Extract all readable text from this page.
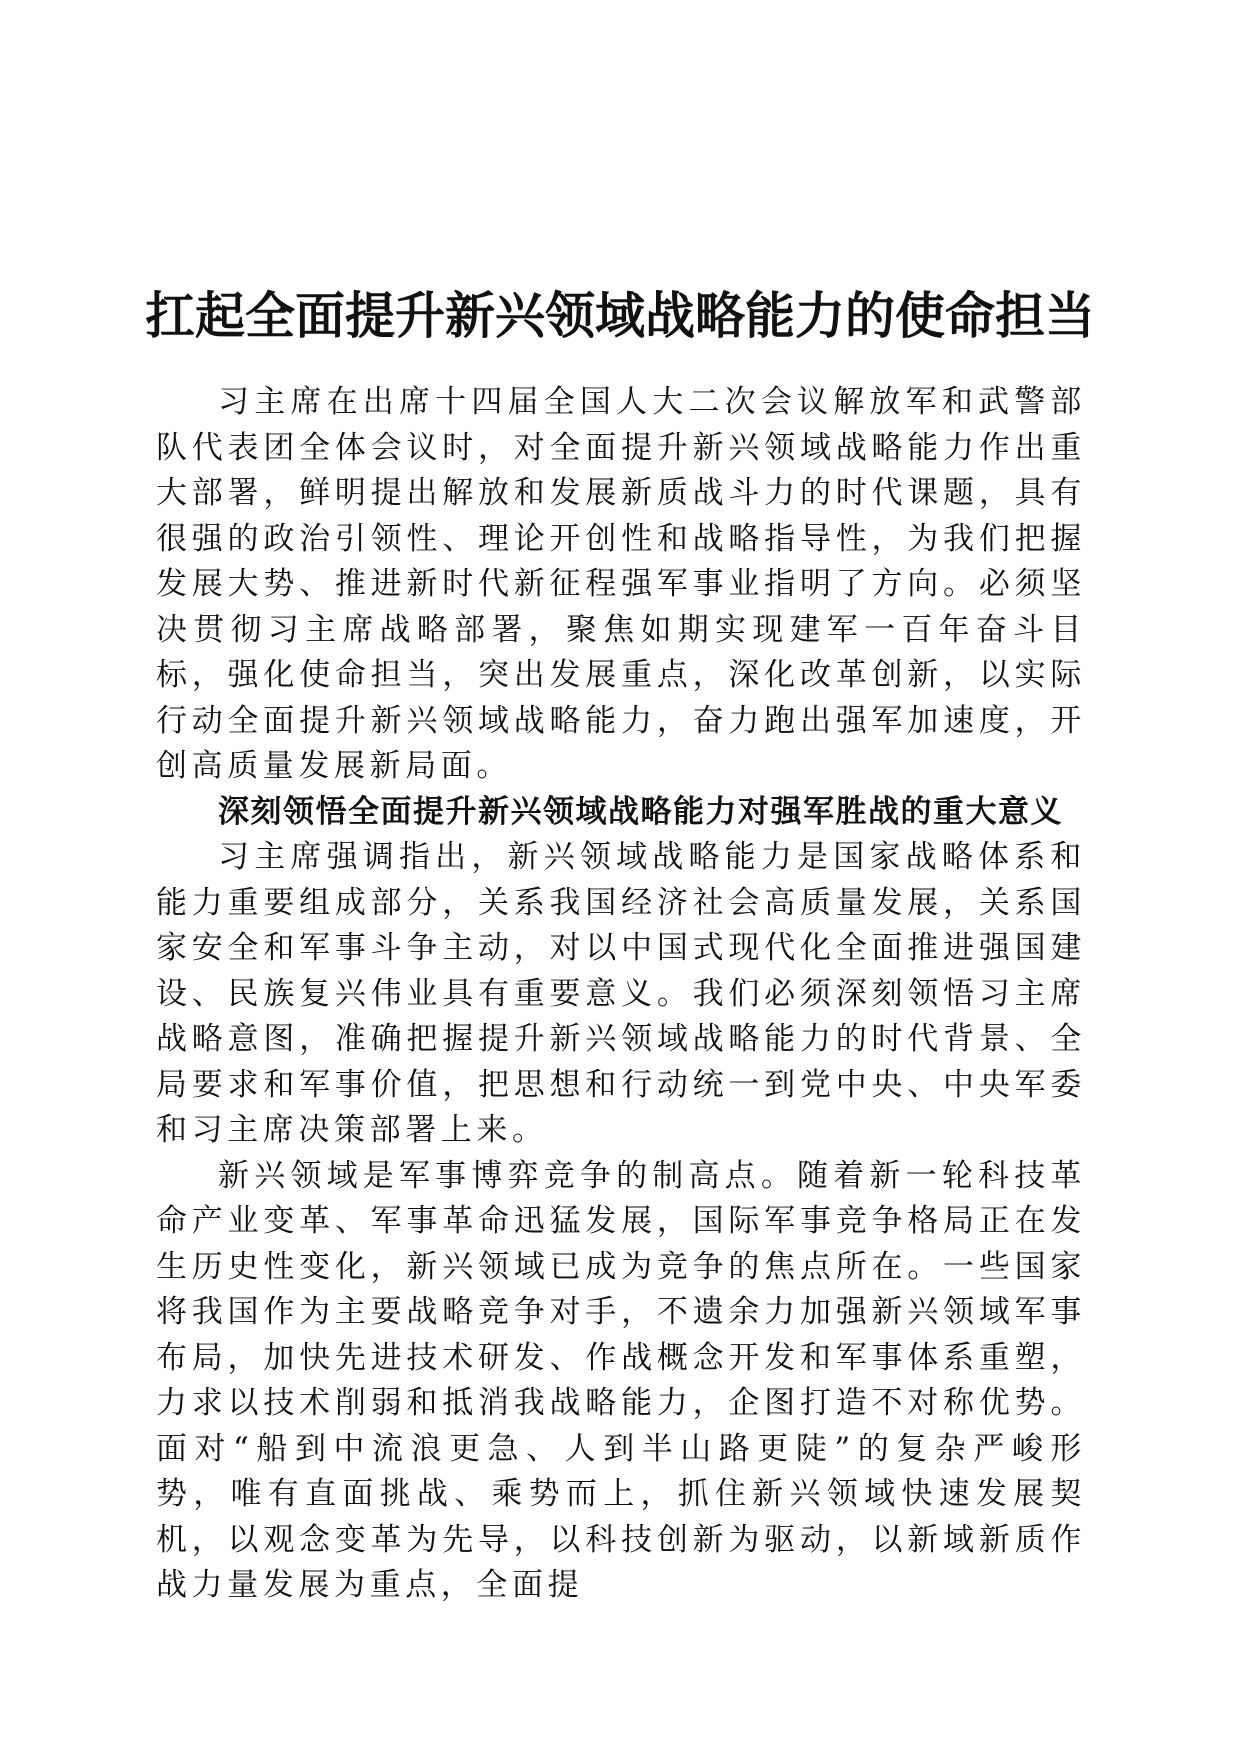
扛起全面提升新兴领域战略能力的使命担当

习主席在出席十四届全国人大二次会议解放军和武警部队代表团全体会议时，对全面提升新兴领域战略能力作出重大部署，鲜明提出解放和发展新质战斗力的时代课题，具有很强的政治引领性、理论开创性和战略指导性，为我们把握发展大势、推进新时代新征程强军事业指明了方向。必须坚决贯彻习主席战略部署，聚焦如期实现建军一百年奋斗目标，强化使命担当，突出发展重点，深化改革创新，以实际行动全面提升新兴领域战略能力，奋力跑出强军加速度，开创高质量发展新局面。

深刻领悟全面提升新兴领域战略能力对强军胜战的重大意义

习主席强调指出，新兴领域战略能力是国家战略体系和能力重要组成部分，关系我国经济社会高质量发展，关系国家安全和军事斗争主动，对以中国式现代化全面推进强国建设、民族复兴伟业具有重要意义。我们必须深刻领悟习主席战略意图，准确把握提升新兴领域战略能力的时代背景、全局要求和军事价值，把思想和行动统一到党中央、中央军委和习主席决策部署上来。

新兴领域是军事博弈竞争的制高点。随着新一轮科技革命产业变革、军事革命迅猛发展，国际军事竞争格局正在发生历史性变化，新兴领域已成为竞争的焦点所在。一些国家将我国作为主要战略竞争对手，不遗余力加强新兴领域军事布局，加快先进技术研发、作战概念开发和军事体系重塑，力求以技术削弱和抵消我战略能力，企图打造不对称优势。面对“船到中流浪更急、人到半山路更陡”的复杂严峻形势，唯有直面挑战、乘势而上，抓住新兴领域快速发展契机，以观念变革为先导，以科技创新为驱动，以新域新质作战力量发展为重点，全面提
